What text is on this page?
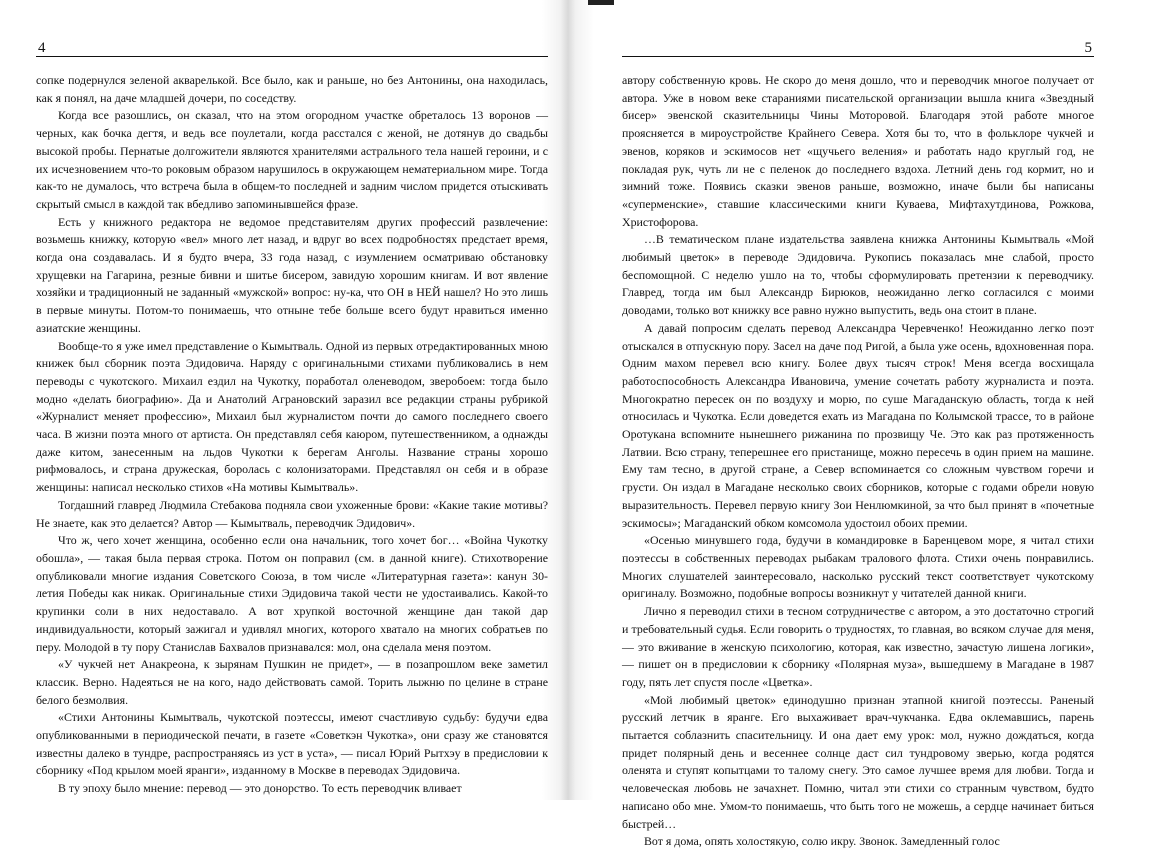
4

сопке подернулся зеленой акварелькой. Все было, как и раньше, но без Антонины, она находилась, как я понял, на даче младшей дочери, по соседству.

Когда все разошлись, он сказал, что на этом огородном участке обреталось 13 воронов — черных, как бочка дегтя, и ведь все поулетали, когда расстался с женой, не дотянув до свадьбы высокой пробы. Пернатые долгожители являются хранителями астрального тела нашей героини, и с их исчезновением что-то роковым образом нарушилось в окружающем нематериальном мире. Тогда как-то не думалось, что встреча была в общем-то последней и задним числом придется отыскивать скрытый смысл в каждой так вбедливо запоминывшейся фразе.

Есть у книжного редактора не ведомое представителям других профессий развлечение: возьмешь книжку, которую «вел» много лет назад, и вдруг во всех подробностях предстает время, когда она создавалась. И я будто вчера, 33 года назад, с изумлением осматриваю обстановку хрущевки на Гагарина, резные бивни и шитье бисером, завидую хорошим книгам. И вот явление хозяйки и традиционный не заданный «мужской» вопрос: ну-ка, что ОН в НЕЙ нашел? Но это лишь в первые минуты. Потом-то понимаешь, что отныне тебе больше всего будут нравиться именно азиатские женщины.

Вообще-то я уже имел представление о Кымытваль. Одной из первых отредактированных мною книжек был сборник поэта Эдидовича. Наряду с оригинальными стихами публиковались в нем переводы с чукотского. Михаил ездил на Чукотку, поработал оленеводом, зверобоем: тогда было модно «делать биографию». Да и Анатолий Аграновский заразил все редакции страны рубрикой «Журналист меняет профессию», Михаил был журналистом почти до самого последнего своего часа. В жизни поэта много от артиста. Он представлял себя каюром, путешественником, а однажды даже китом, занесенным на льдов Чукотки к берегам Анголы. Название страны хорошо рифмовалось, и страна дружеская, боролась с колонизаторами. Представлял он себя и в образе женщины: написал несколько стихов «На мотивы Кымытваль».

Тогдашний главред Людмила Стебакова подняла свои ухоженные брови: «Какие такие мотивы? Не знаете, как это делается? Автор — Кымытваль, переводчик Эдидович».

Что ж, чего хочет женщина, особенно если она начальник, того хочет бог… «Война Чукотку обошла», — такая была первая строка. Потом он поправил (см. в данной книге). Стихотворение опубликовали многие издания Советского Союза, в том числе «Литературная газета»: канун 30-летия Победы как никак. Оригинальные стихи Эдидовича такой чести не удостаивались. Какой-то крупинки соли в них недоставало. А вот хрупкой восточной женщине дан такой дар индивидуальности, который зажигал и удивлял многих, которого хватало на многих собратьев по перу. Молодой в ту пору Станислав Бахвалов признавался: мол, она сделала меня поэтом.

«У чукчей нет Анакреона, к зырянам Пушкин не придет», — в позапрошлом веке заметил классик. Верно. Надеяться не на кого, надо действовать самой. Торить лыжню по целине в стране белого безмолвия.

«Стихи Антонины Кымытваль, чукотской поэтессы, имеют счастливую судьбу: будучи едва опубликованными в периодической печати, в газете «Советкэн Чукотка», они сразу же становятся известны далеко в тундре, распространяясь из уст в уста», — писал Юрий Рытхэу в предисловии к сборнику «Под крылом моей яранги», изданному в Москве в переводах Эдидовича.

В ту эпоху было мнение: перевод — это донорство. То есть переводчик вливает

5

автору собственную кровь. Не скоро до меня дошло, что и переводчик многое получает от автора. Уже в новом веке стараниями писательской организации вышла книга «Звездный бисер» эвенской сказительницы Чины Моторовой. Благодаря этой работе многое проясняется в мироустройстве Крайнего Севера. Хотя бы то, что в фольклоре чукчей и эвенов, коряков и эскимосов нет «щучьего веления» и работать надо круглый год, не покладая рук, чуть ли не с пеленок до последнего вздоха. Летний день год кормит, но и зимний тоже. Появись сказки эвенов раньше, возможно, иначе были бы написаны «суперменские», ставшие классическими книги Куваева, Мифтахутдинова, Рожкова, Христофорова.

…В тематическом плане издательства заявлена книжка Антонины Кымытваль «Мой любимый цветок» в переводе Эдидовича. Рукопись показалась мне слабой, просто беспомощной. С неделю ушло на то, чтобы сформулировать претензии к переводчику. Главред, тогда им был Александр Бирюков, неожиданно легко согласился с моими доводами, только вот книжку все равно нужно выпустить, ведь она стоит в плане.

А давай попросим сделать перевод Александра Черевченко! Неожиданно легко поэт отыскался в отпускную пору. Засел на даче под Ригой, а была уже осень, вдохновенная пора. Одним махом перевел всю книгу. Более двух тысяч строк! Меня всегда восхищала работоспособность Александра Ивановича, умение сочетать работу журналиста и поэта. Многократно пересек он по воздуху и морю, по суше Магаданскую область, тогда к ней относилась и Чукотка. Если доведется ехать из Магадана по Колымской трассе, то в районе Оротукана вспомните нынешнего рижанина по прозвищу Че. Это как раз протяженность Латвии. Всю страну, теперешнее его пристанище, можно пересечь в один прием на машине. Ему там тесно, в другой стране, а Север вспоминается со сложным чувством горечи и грусти. Он издал в Магадане несколько своих сборников, которые с годами обрели новую выразительность. Перевел первую книгу Зои Ненлюмкиной, за что был принят в «почетные эскимосы»; Магаданский обком комсомола удостоил обоих премии.

«Осенью минувшего года, будучи в командировке в Баренцевом море, я читал стихи поэтессы в собственных переводах рыбакам тралового флота. Стихи очень понравились. Многих слушателей заинтересовало, насколько русский текст соответствует чукотскому оригиналу. Возможно, подобные вопросы возникнут у читателей данной книги.

Лично я переводил стихи в тесном сотрудничестве с автором, а это достаточно строгий и требовательный судья. Если говорить о трудностях, то главная, во всяком случае для меня, — это вживание в женскую психологию, которая, как известно, зачастую лишена логики», — пишет он в предисловии к сборнику «Полярная муза», вышедшему в Магадане в 1987 году, пять лет спустя после «Цветка».

«Мой любимый цветок» единодушно признан этапной книгой поэтессы. Раненый русский летчик в яранге. Его выхаживает врач-чукчанка. Едва оклемавшись, парень пытается соблазнить спасительницу. И она дает ему урок: мол, нужно дождаться, когда придет полярный день и весеннее солнце даст сил тундровому зверью, когда родятся оленята и ступят копытцами то талому снегу. Это самое лучшее время для любви. Тогда и человеческая любовь не зачахнет. Помню, читал эти стихи со странным чувством, будто написано обо мне. Умом-то понимаешь, что быть того не можешь, а сердце начинает биться быстрей…

Вот я дома, опять холостякую, солю икру. Звонок. Замедленный голос
